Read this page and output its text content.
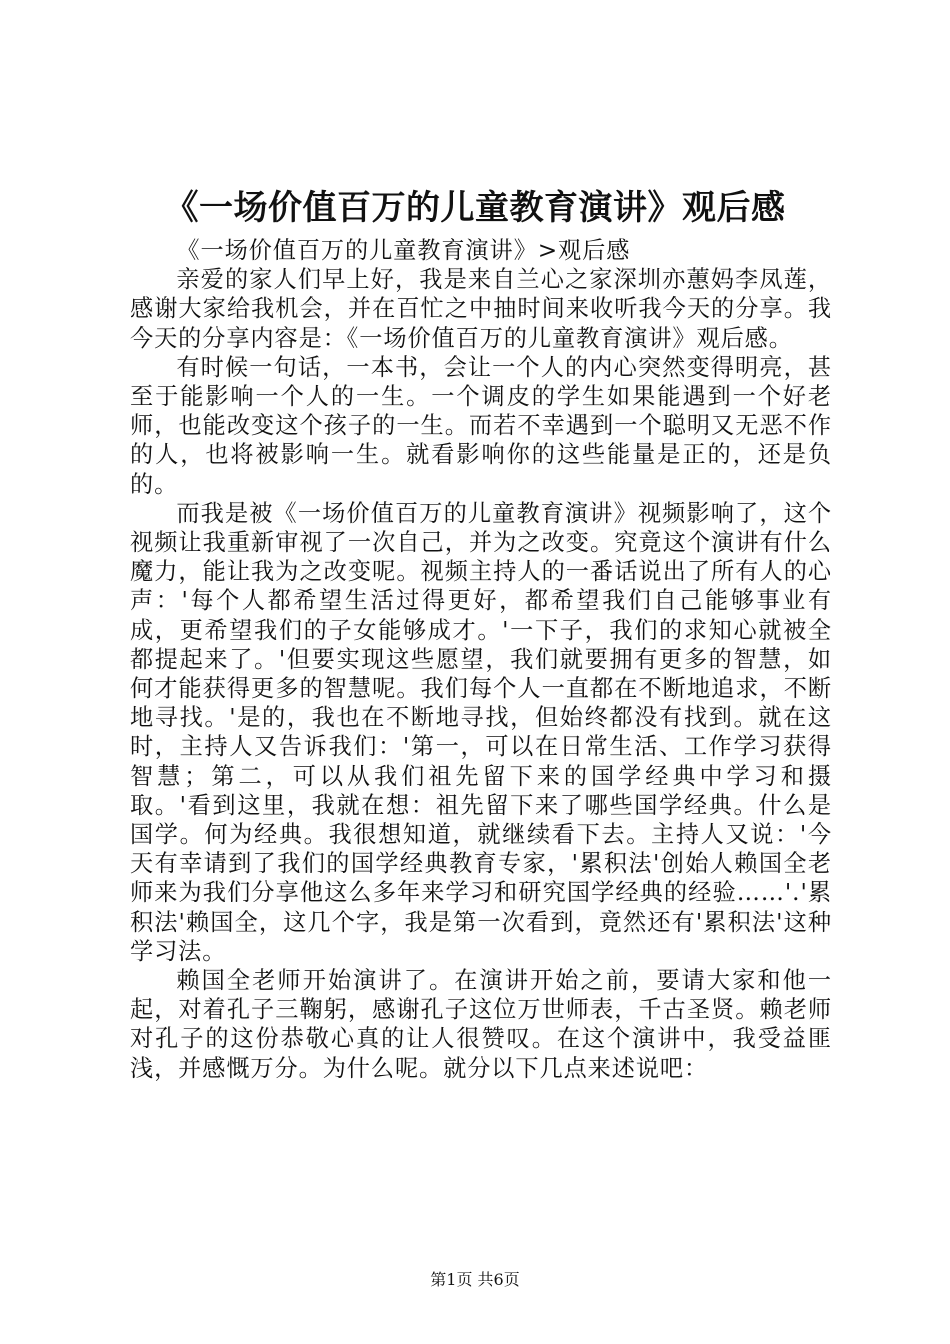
《一场价值百万的儿童教育演讲》观后感

《一场价值百万的儿童教育演讲》>观后感

亲爱的家人们早上好，我是来自兰心之家深圳亦蕙妈李凤莲，感谢大家给我机会，并在百忙之中抽时间来收听我今天的分享。我今天的分享内容是：《一场价值百万的儿童教育演讲》观后感。

有时候一句话，一本书，会让一个人的内心突然变得明亮，甚至于能影响一个人的一生。一个调皮的学生如果能遇到一个好老师，也能改变这个孩子的一生。而若不幸遇到一个聪明又无恶不作的人，也将被影响一生。就看影响你的这些能量是正的，还是负的。

而我是被《一场价值百万的儿童教育演讲》视频影响了，这个视频让我重新审视了一次自己，并为之改变。究竟这个演讲有什么魔力，能让我为之改变呢。视频主持人的一番话说出了所有人的心声：'每个人都希望生活过得更好，都希望我们自己能够事业有成，更希望我们的子女能够成才。'一下子，我们的求知心就被全都提起来了。'但要实现这些愿望，我们就要拥有更多的智慧，如何才能获得更多的智慧呢。我们每个人一直都在不断地追求，不断地寻找。'是的，我也在不断地寻找，但始终都没有找到。就在这时，主持人又告诉我们：'第一，可以在日常生活、工作学习获得智慧；第二，可以从我们祖先留下来的国学经典中学习和摄取。'看到这里，我就在想：祖先留下来了哪些国学经典。什么是国学。何为经典。我很想知道，就继续看下去。主持人又说：'今天有幸请到了我们的国学经典教育专家，'累积法'创始人赖国全老师来为我们分享他这么多年来学习和研究国学经典的经验……'.'累积法'赖国全，这几个字，我是第一次看到，竟然还有'累积法'这种学习法。

赖国全老师开始演讲了。在演讲开始之前，要请大家和他一起，对着孔子三鞠躬，感谢孔子这位万世师表，千古圣贤。赖老师对孔子的这份恭敬心真的让人很赞叹。在这个演讲中，我受益匪浅，并感慨万分。为什么呢。就分以下几点来述说吧：

第1页 共6页
